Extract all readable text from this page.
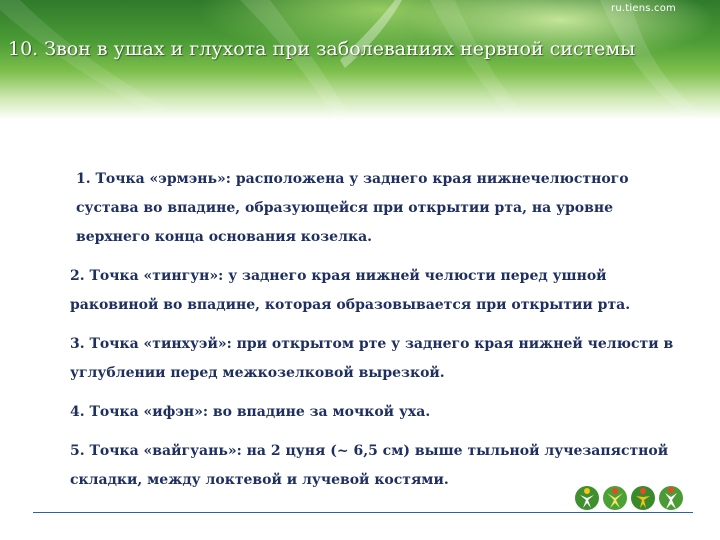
ru.tiens.com
10. Звон в ушах и глухота при заболеваниях нервной системы
1. Точка «эрмэнь»: расположена у заднего края нижнечелюстного сустава во впадине, образующейся при открытии рта, на уровне верхнего конца основания козелка.
2. Точка «тингун»: у заднего края нижней челюсти перед ушной раковиной во впадине, которая образовывается при открытии рта.
3. Точка «тинхуэй»: при открытом рте у заднего края нижней челюсти в углублении перед межкозелковой вырезкой.
4. Точка «ифэн»: во впадине за мочкой уха.
5. Точка «вайгуань»: на 2 цуня (~ 6,5 см) выше тыльной лучезапястной складки, между локтевой и лучевой костями.
